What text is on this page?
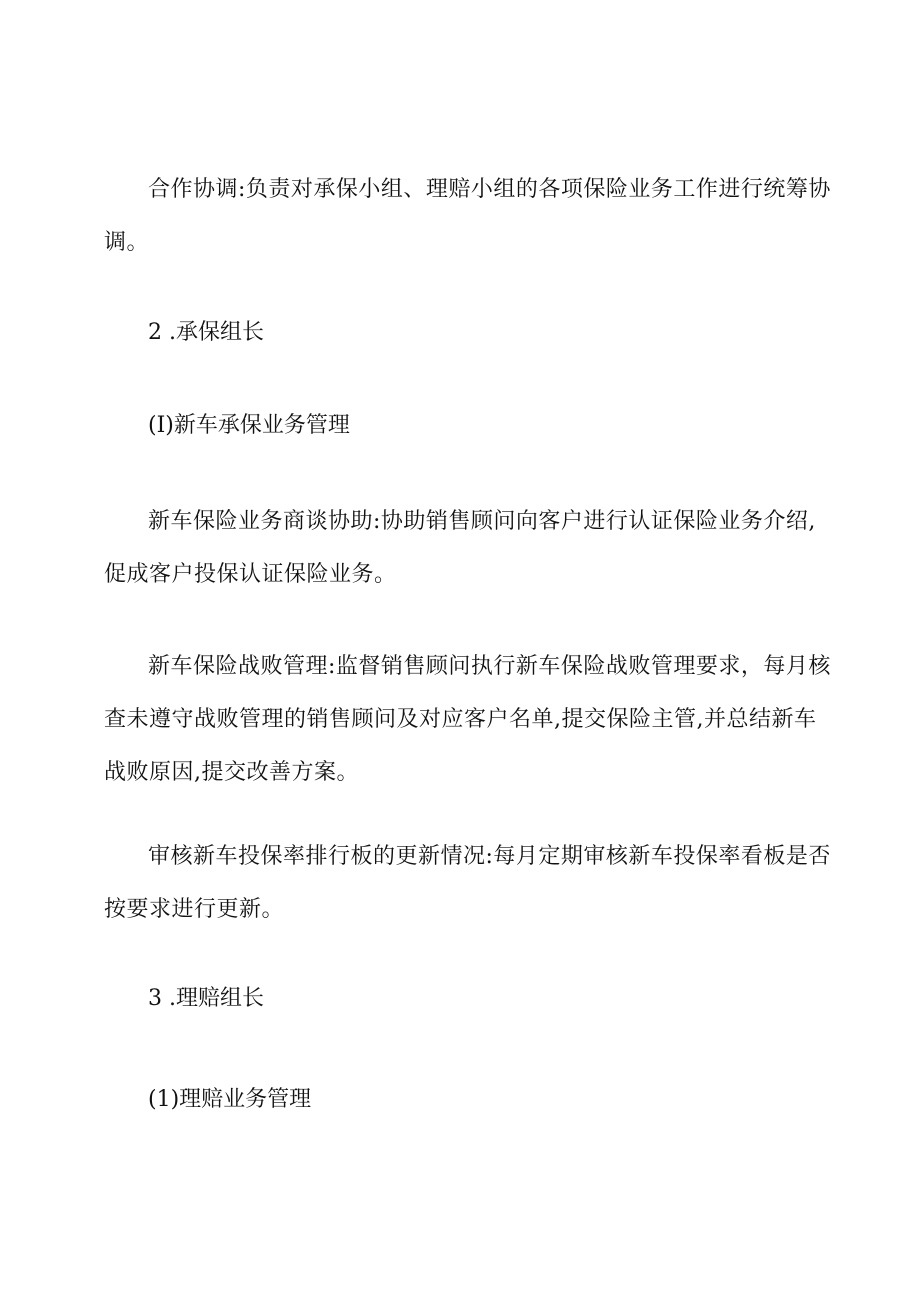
合作协调:负责对承保小组、理赔小组的各项保险业务工作进行统筹协
调。

2 .承保组长
(I)新车承保业务管理

新车保险业务商谈协助:协助销售顾问向客户进行认证保险业务介绍,
促成客户投保认证保险业务。

新车保险战败管理:监督销售顾问执行新车保险战败管理要求，每月核
查未遵守战败管理的销售顾问及对应客户名单,提交保险主管,并总结新车
战败原因,提交改善方案。

审核新车投保率排行板的更新情况:每月定期审核新车投保率看板是否
按要求进行更新。

3 .理赔组长
(1)理赔业务管理
